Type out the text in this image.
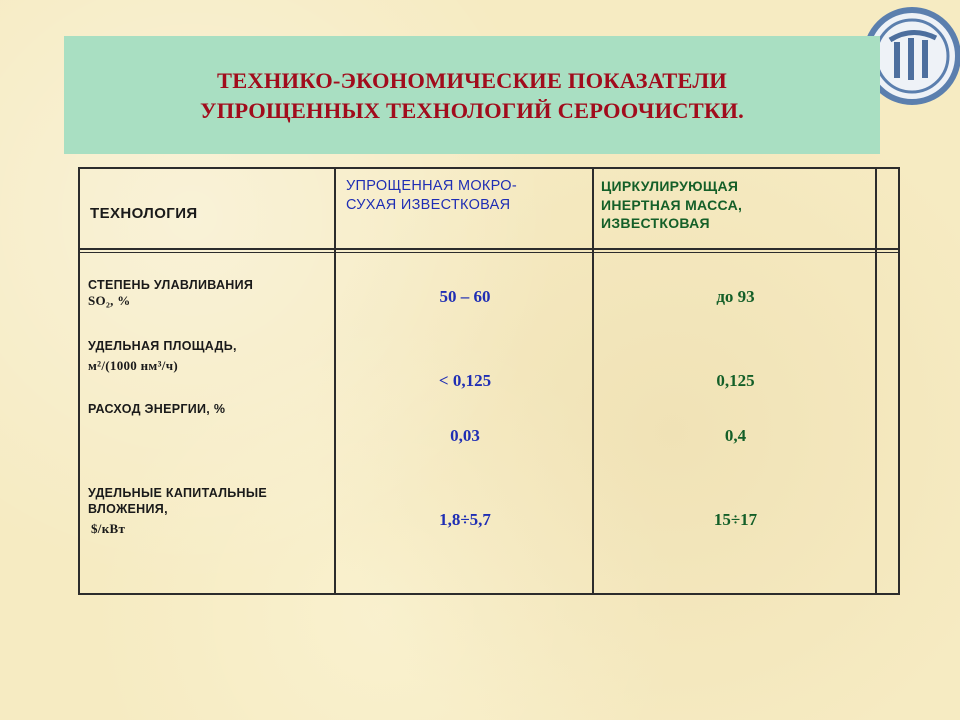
ТЕХНИКО-ЭКОНОМИЧЕСКИЕ ПОКАЗАТЕЛИ
УПРОЩЕННЫХ ТЕХНОЛОГИЙ СЕРООЧИСТКИ.
ТЕХНОЛОГИЯ
УПРОЩЕННАЯ МОКРО-
СУХАЯ ИЗВЕСТКОВАЯ
ЦИРКУЛИРУЮЩАЯ
ИНЕРТНАЯ МАССА,
ИЗВЕСТКОВАЯ
СТЕПЕНЬ УЛАВЛИВАНИЯ
SO₂, %
УДЕЛЬНАЯ ПЛОЩАДЬ,
м²/(1000 нм³/ч)
РАСХОД ЭНЕРГИИ, %
УДЕЛЬНЫЕ КАПИТАЛЬНЫЕ
ВЛОЖЕНИЯ,
$/кВт
50 – 60
< 0,125
0,03
1,8÷5,7
до 93
0,125
0,4
15÷17
